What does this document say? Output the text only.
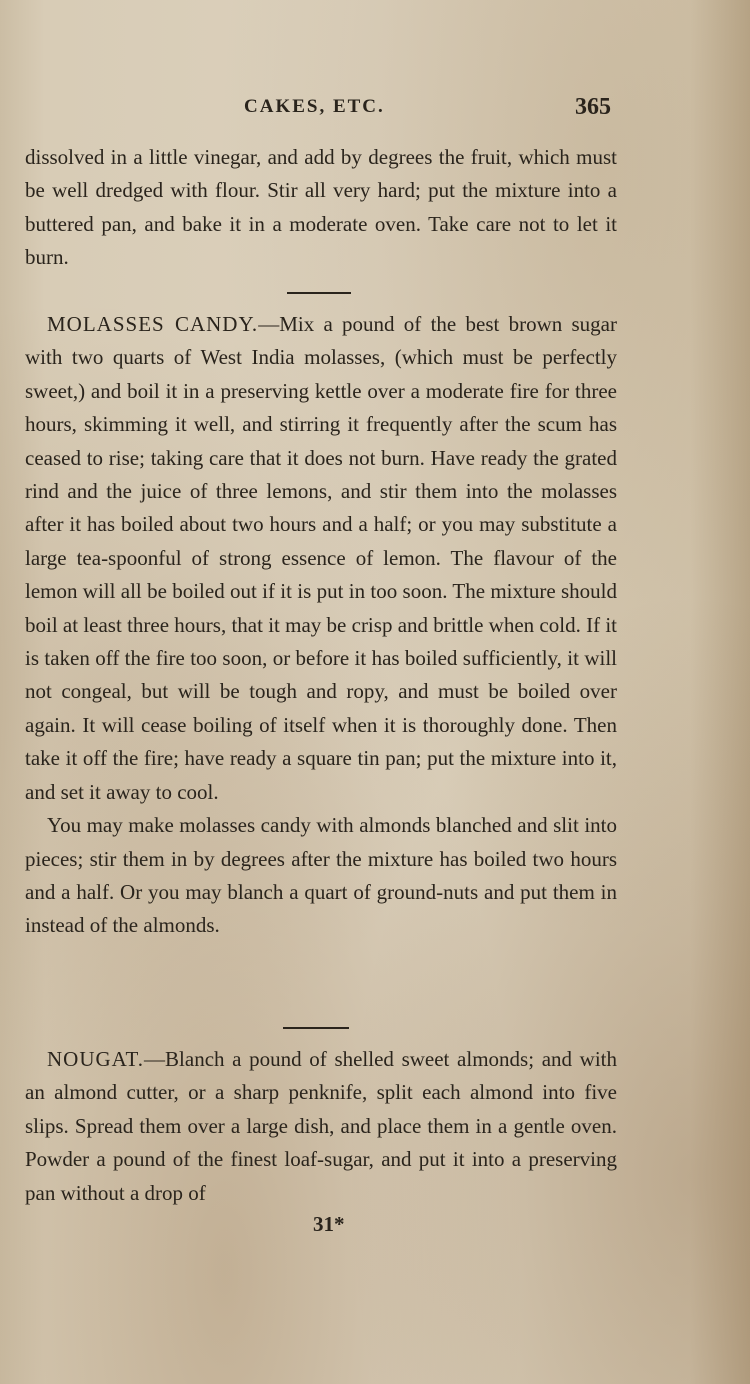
CAKES, ETC.	365

dissolved in a little vinegar, and add by degrees the fruit, which must be well dredged with flour. Stir all very hard; put the mixture into a buttered pan, and bake it in a moderate oven. Take care not to let it burn.

MOLASSES CANDY.—Mix a pound of the best brown sugar with two quarts of West India molasses, (which must be perfectly sweet,) and boil it in a preserving kettle over a moderate fire for three hours, skimming it well, and stirring it frequently after the scum has ceased to rise; taking care that it does not burn. Have ready the grated rind and the juice of three lemons, and stir them into the molasses after it has boiled about two hours and a half; or you may substitute a large tea-spoonful of strong essence of lemon. The flavour of the lemon will all be boiled out if it is put in too soon. The mixture should boil at least three hours, that it may be crisp and brittle when cold. If it is taken off the fire too soon, or before it has boiled sufficiently, it will not congeal, but will be tough and ropy, and must be boiled over again. It will cease boiling of itself when it is thoroughly done. Then take it off the fire; have ready a square tin pan; put the mixture into it, and set it away to cool.

You may make molasses candy with almonds blanched and slit into pieces; stir them in by degrees after the mixture has boiled two hours and a half. Or you may blanch a quart of ground-nuts and put them in instead of the almonds.

NOUGAT.—Blanch a pound of shelled sweet almonds; and with an almond cutter, or a sharp penknife, split each almond into five slips. Spread them over a large dish, and place them in a gentle oven. Powder a pound of the finest loaf-sugar, and put it into a preserving pan without a drop of

31*
